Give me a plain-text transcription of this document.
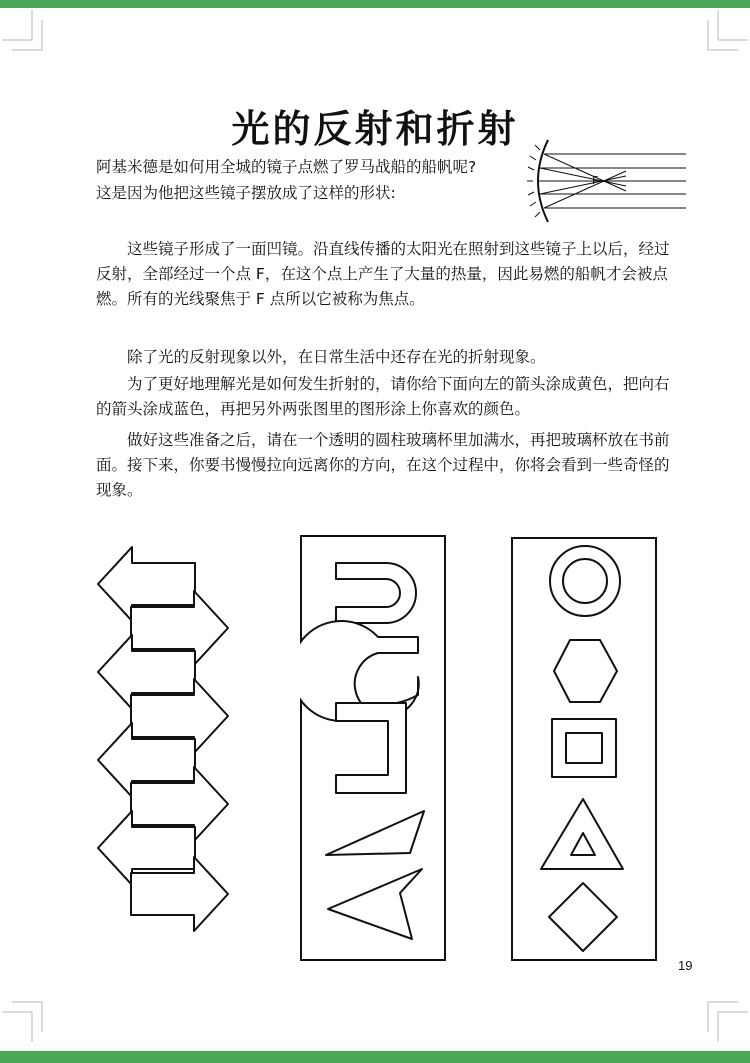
光的反射和折射

阿基米德是如何用全城的镜子点燃了罗马战船的船帆呢?

这是因为他把这些镜子摆放成了这样的形状:

F

这些镜子形成了一面凹镜。沿直线传播的太阳光在照射到这些镜子上以后，经过反射，全部经过一个点 F，在这个点上产生了大量的热量，因此易燃的船帆才会被点燃。所有的光线聚焦于 F 点所以它被称为焦点。

除了光的反射现象以外，在日常生活中还存在光的折射现象。

为了更好地理解光是如何发生折射的，请你给下面向左的箭头涂成黄色，把向右的箭头涂成蓝色，再把另外两张图里的图形涂上你喜欢的颜色。

做好这些准备之后，请在一个透明的圆柱玻璃杯里加满水，再把玻璃杯放在书前面。接下来，你要书慢慢拉向远离你的方向，在这个过程中，你将会看到一些奇怪的现象。

19
